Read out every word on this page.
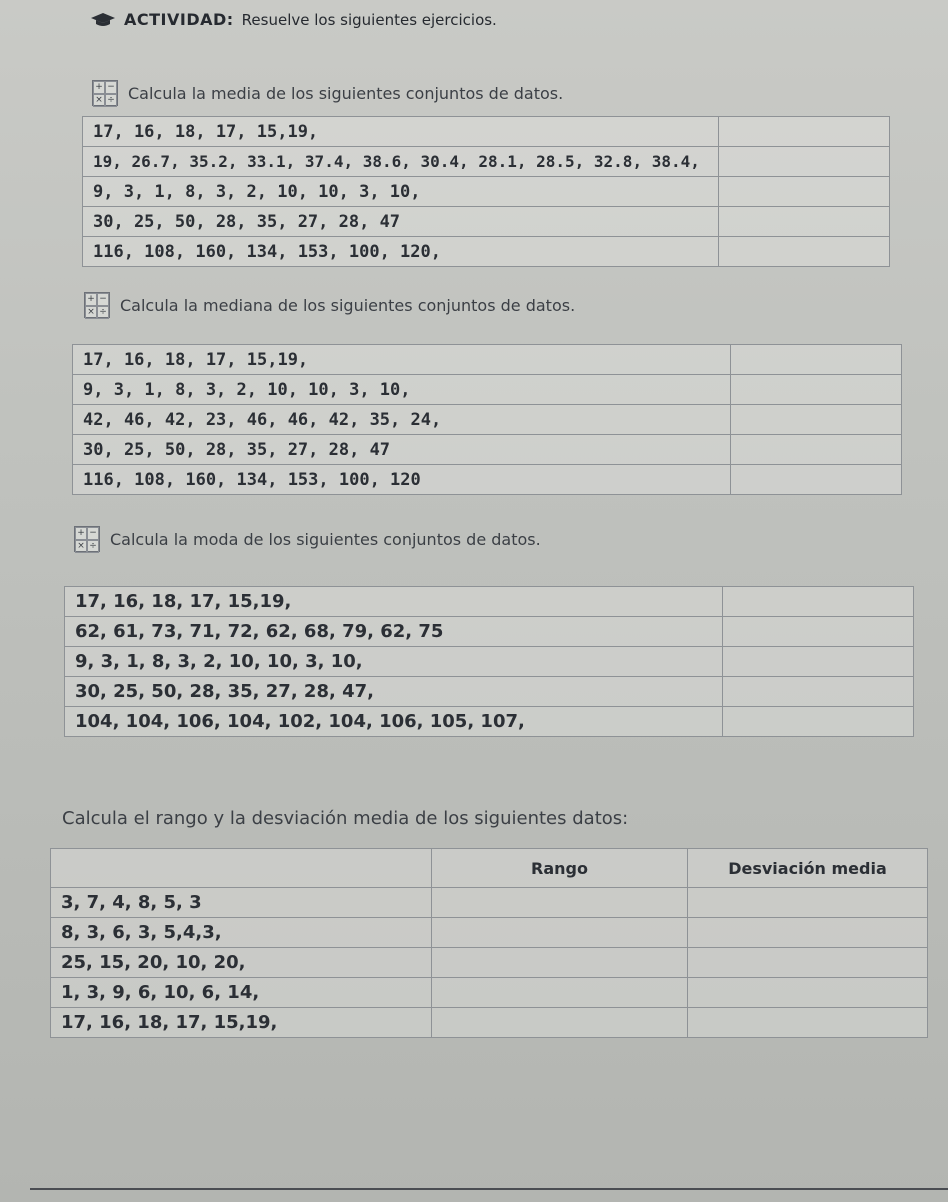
ACTIVIDAD: Resuelve los siguientes ejercicios.
+ −
× ÷ Calcula la media de los siguientes conjuntos de datos.
17, 16, 18, 17, 15,19,	
19, 26.7, 35.2, 33.1, 37.4, 38.6, 30.4, 28.1, 28.5, 32.8, 38.4,	
9, 3, 1, 8, 3, 2, 10, 10, 3, 10,	
30, 25, 50, 28, 35, 27, 28, 47	
116, 108, 160, 134, 153, 100, 120,	
+ −
× ÷ Calcula la mediana de los siguientes conjuntos de datos.
17, 16, 18, 17, 15,19,	
9, 3, 1, 8, 3, 2, 10, 10, 3, 10,	
42, 46, 42, 23, 46, 46, 42, 35, 24,	
30, 25, 50, 28, 35, 27, 28, 47	
116, 108, 160, 134, 153, 100, 120	
+ −
× ÷ Calcula la moda de los siguientes conjuntos de datos.
17, 16, 18, 17, 15,19,	
62, 61, 73, 71, 72, 62, 68, 79, 62, 75	
9, 3, 1, 8, 3, 2, 10, 10, 3, 10,	
30, 25, 50, 28, 35, 27, 28, 47,	
104, 104, 106, 104, 102, 104, 106, 105, 107,	
Calcula el rango y la desviación media de los siguientes datos:
	Rango	Desviación media
3, 7, 4, 8, 5, 3		
8, 3, 6, 3, 5,4,3,		
25, 15, 20, 10, 20,		
1, 3, 9, 6, 10, 6, 14,		
17, 16, 18, 17, 15,19,		
